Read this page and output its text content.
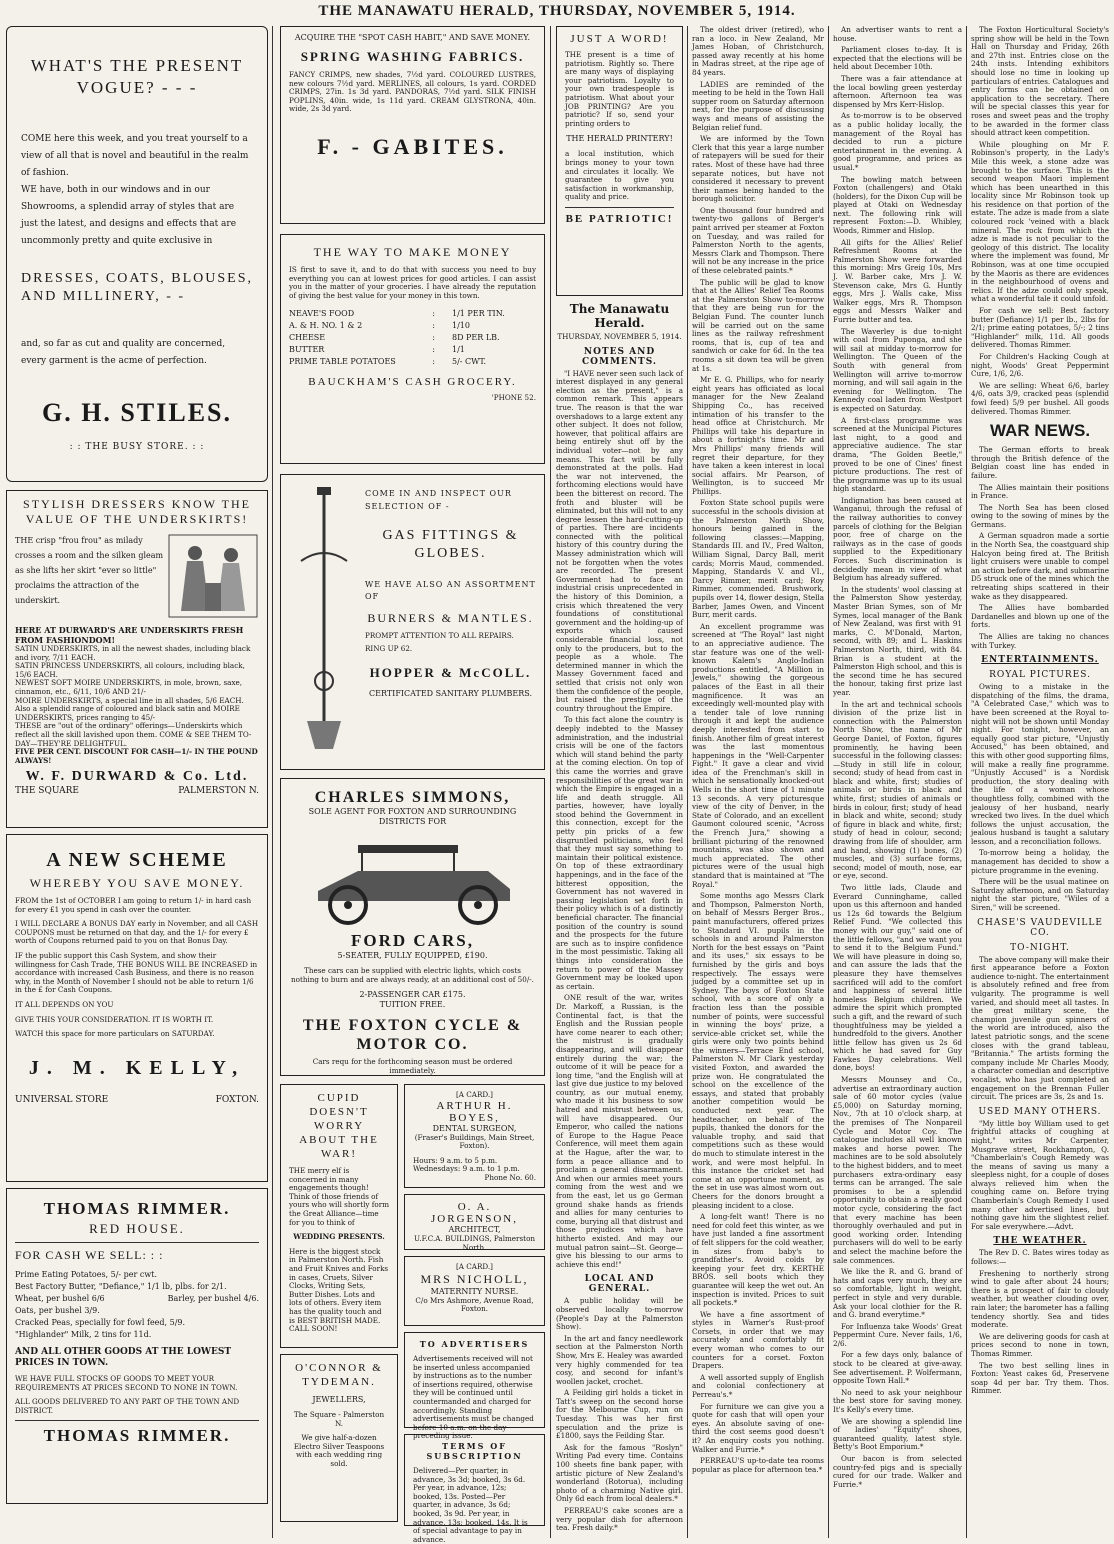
THE MANAWATU HERALD, THURSDAY, NOVEMBER 5, 1914.
WHAT'S THE PRESENT VOGUE? - - -
COME here this week, and you treat yourself to a view of all that is novel and beautiful in the realm of fashion.
WE have, both in our windows and in our Showrooms, a splendid array of styles that are just the latest, and designs and effects that are uncommonly pretty and quite exclusive in
DRESSES, COATS, BLOUSES, AND MILLINERY, - -
and, so far as cut and quality are concerned, every garment is the acme of perfection.
G. H. STILES.
: : THE BUSY STORE. : :
STYLISH DRESSERS KNOW THE VALUE OF THE UNDERSKIRTS!
THE crisp "frou frou" as milady crosses a room and the silken gleam as she lifts her skirt "ever so little" proclaims the attraction of the underskirt.
HERE AT DURWARD'S ARE UNDERSKIRTS FRESH FROM FASHIONDOM!
SATIN UNDERSKIRTS, in all the newest shades, including black and ivory, 7/11 EACH.
SATIN PRINCESS UNDERSKIRTS, all colours, including black, 15/6 EACH.
NEWEST SOFT MOIRE UNDERSKIRTS, in mole, brown, saxe, cinnamon, etc., 6/11, 10/6 AND 21/-
MOIRE UNDERSKIRTS, a special line in all shades, 5/6 EACH.
Also a splendid range of coloured and black satin and MOIRE UNDERSKIRTS, prices ranging to 45/-
THESE are "out of the ordinary" offerings—Underskirts which reflect all the skill lavished upon them. COME & SEE THEM TO-DAY—THEY'RE DELIGHTFUL.
FIVE PER CENT. DISCOUNT FOR CASH—1/- IN THE POUND ALWAYS!
W. F. DURWARD & Co. Ltd.
THE SQUARE	PALMERSTON N.
A NEW SCHEME
WHEREBY YOU SAVE MONEY.
FROM the 1st of OCTOBER I am going to return 1/- in hard cash for every £1 you spend in cash over the counter.
I WILL DECLARE A BONUS DAY early in November, and all CASH COUPONS must be returned on that day, and the 1/- for every £ worth of Coupons returned paid to you on that Bonus Day.
IF the public support this Cash System, and show their willingness for Cash Trade, THE BONUS WILL BE INCREASED in accordance with increased Cash Business, and there is no reason why, in the Month of November I should not be able to return 1/6 in the £ for Cash Coupons.
IT ALL DEPENDS ON YOU
GIVE THIS YOUR CONSIDERATION. IT IS WORTH IT.
WATCH this space for more particulars on SATURDAY.
J. M. KELLY,
UNIVERSAL STORE	FOXTON.
THOMAS RIMMER.
RED HOUSE.
FOR CASH WE SELL: : :
Prime Eating Potatoes, 5/- per cwt.
Best Factory Butter, "Defiance," 1/1 lb, plbs. for 2/1.
Wheat, per bushel 6/6	Barley, per bushel 4/6.
Oats, per bushel 3/9.
Cracked Peas, specially for fowl feed, 5/9.
"Highlander" Milk, 2 tins for 11d.
AND ALL OTHER GOODS AT THE LOWEST PRICES IN TOWN.
WE HAVE FULL STOCKS OF GOODS TO MEET YOUR REQUIREMENTS AT PRICES SECOND TO NONE IN TOWN.
ALL GOODS DELIVERED TO ANY PART OF THE TOWN AND DISTRICT.
THOMAS RIMMER.
ACQUIRE THE "SPOT CASH HABIT," AND SAVE MONEY.
SPRING WASHING FABRICS.
FANCY CRIMPS, new shades, 7½d yard. COLOURED LUSTRES, new colours 7½d yard. MERLINES, all colours, 1s yard. CORDED CRIMPS, 27in. 1s 3d yard. PANDORAS, 7½d yard. SILK FINISH POPLINS, 40in. wide, 1s 11d yard. CREAM GLYSTRONA, 40in. wide, 2s 3d yard.
F. - GABITES.
THE WAY TO MAKE MONEY
IS first to save it, and to do that with success you need to buy everything you can at lowest prices for good articles. I can assist you in the matter of your groceries. I have already the reputation of giving the best value for your money in this town.
NEAVE'S FOOD	:	1/1 PER TIN.
A. & H. NO. 1 & 2	:	1/10
CHEESE	:	8D PER LB.
BUTTER	:	1/1
PRIME TABLE POTATOES	:	5/- CWT.
BAUCKHAM'S CASH GROCERY.
'PHONE 52.
COME IN AND INSPECT OUR SELECTION OF -
GAS FITTINGS & GLOBES.
WE HAVE ALSO AN ASSORTMENT OF
BURNERS & MANTLES.
PROMPT ATTENTION TO ALL REPAIRS.
RING UP 62.
HOPPER & McCOLL.
CERTIFICATED SANITARY PLUMBERS.
CHARLES SIMMONS,
SOLE AGENT FOR FOXTON AND SURROUNDING DISTRICTS FOR
FORD CARS,
5-SEATER, FULLY EQUIPPED, £190.
These cars can be supplied with electric lights, which costs nothing to burn and are always ready, at an additional cost of 50/-.
2-PASSENGER CAR £175.
TUITION FREE.
THE FOXTON CYCLE & MOTOR CO.
Cars requ for the forthcoming season must be ordered immediately.
CUPID DOESN'T WORRY ABOUT THE WAR!
THE merry elf is concerned in many engagements though! Think of those friends of yours who will shortly form the Great Alliance—time for you to think of
WEDDING PRESENTS.
Here is the biggest stock in Palmerston North. Fish and Fruit Knives and Forks in cases, Cruets, Silver Clocks, Writing Sets, Butter Dishes. Lots and lots of others. Every item has the quality touch and is BEST BRITISH MADE. CALL SOON!
O'CONNOR & TYDEMAN.
JEWELLERS,
The Square - Palmerston N.
We give half-a-dozen Electro Silver Teaspoons with each wedding ring sold.
[A CARD.]
ARTHUR H. BOYES,
DENTAL SURGEON,
(Fraser's Buildings, Main Street, Foxton).
Hours: 9 a.m. to 5 p.m. Wednesdays: 9 a.m. to 1 p.m.
Phone No. 60.
O. A. JORGENSON,
ARCHITECT,
U.F.C.A. BUILDINGS, Palmerston North.
[A CARD.]
MRS NICHOLL,
MATERNITY NURSE.
C/o Mrs Ashmore, Avenue Road, Foxton.
TO ADVERTISERS
Advertisements received will not be inserted unless accompanied by instructions as to the number of insertions required, otherwise they will be continued until countermanded and charged for accordingly. Standing advertisements must be changed before 10 a.m. on the day preceding issue.
TERMS OF SUBSCRIPTION
Delivered—Per quarter, in advance, 3s 3d; booked, 3s 6d. Per year, in advance, 12s; booked, 13s. Posted—Per quarter, in advance, 3s 6d; booked, 3s 9d. Per year, in advance, 13s; booked, 14s. It is of special advantage to pay in advance.
JUST A WORD!
THE present is a time of patriotism. Rightly so. There are many ways of displaying your patriotism. Loyalty to your own tradespeople is patriotism. What about your JOB PRINTING? Are you patriotic? If so, send your printing orders to
THE HERALD PRINTERY!
a local institution, which brings money to your town and circulates it locally. We guarantee to give you satisfaction in workmanship, quality and price.
BE PATRIOTIC!
The Manawatu Herald.
THURSDAY, NOVEMBER 5, 1914.
NOTES AND COMMENTS.
"I HAVE never seen such lack of interest displayed in any general election as the present," is a common remark. This appears true. The reason is that the war overshadows to a large extent any other subject. It does not follow, however, that political affairs are being entirely shut off by the individual voter—not by any means. This fact will be fully demonstrated at the polls. Had the war not intervened, the forthcoming elections would have been the bitterest on record. The froth and bluster will be eliminated, but this will not to any degree lessen the hard-cutting-up of parties. There are incidents connected with the political history of this country during the Massey administration which will not be forgotten when the votes are recorded. The present Government had to face an industrial crisis unprecedented in the history of this Dominion, a crisis which threatened the very foundations of constitutional government and the holding-up of exports which caused considerable financial loss, not only to the producers, but to the people as a whole. The determined manner in which the Massey Government faced and settled that crisis not only won them the confidence of the people, but raised the prestige of the country throughout the Empire.
To this fact alone the country is deeply indebted to the Massey administration, and the industrial crisis will be one of the factors which will stand behind the party at the coming election. On top of this came the worries and grave responsibilities of the great war in which the Empire is engaged in a life and death struggle. All parties, however, have loyally stood behind the Government in this connection, except for the petty pin pricks of a few disgruntled politicians, who feel that they must say something to maintain their political existence. On top of these extraordinary happenings, and in the face of the bitterest opposition, the Government has not wavered in passing legislation set forth in their policy which is of a distinctly beneficial character. The financial position of the country is sound and the prospects for the future are such as to inspire confidence in the most pessimistic. Taking all things into consideration the return to power of the Massey Government may be looked upon as certain.
ONE result of the war, writes Dr. Markoff, a Russian, is the Continental fact, is that the English and the Russian people have come nearer to each other; the mistrust is gradually disappearing, and will disappear entirely during the war; the outcome of it will be peace for a long time, "and the English will at last give due justice to my beloved country, as our mutual enemy, who made it his business to sow hatred and mistrust between us, will have disappeared. Our Emperor, who called the nations of Europe to the Hague Peace Conference, will meet them again at the Hague, after the war, to form a peace alliance and to proclaim a general disarmament. And when our armies meet yours coming from the west and we from the east, let us go German ground shake hands as friends and allies for many centuries to come, burying all that distrust and those prejudices which have hitherto existed. And may our mutual patron saint—St. George—give his blessing to our arms to achieve this end!"
LOCAL AND GENERAL.
A public holiday will be observed locally to-morrow (People's Day at the Palmerston Show).
In the art and fancy needlework section at the Palmerston North Show, Mrs E. Healey was awarded very highly commended for tea cosy, and second for infant's woollen jacket, crochet.
A Feilding girl holds a ticket in Tatt's sweep on the second horse for the Melbourne Cup, run on Tuesday. This was her first speculation and the prize is £1800, says the Feilding Star.
Ask for the famous "Roslyn" Writing Pad every time. Contains 100 sheets fine bank paper, with artistic picture of New Zealand's wonderland (Rotorua), including photo of a charming Native girl. Only 6d each from local dealers.*
PERREAU'S cake scones are a very popular dish for afternoon tea. Fresh daily.*
The oldest driver (retired), who ran a loco. in New Zealand, Mr James Hoban, of Christchurch, passed away recently at his home in Madras street, at the ripe age of 84 years.
LADIES are reminded of the meeting to be held in the Town Hall supper room on Saturday afternoon next, for the purpose of discussing ways and means of assisting the Belgian relief fund.
We are informed by the Town Clerk that this year a large number of ratepayers will be sued for their rates. Most of these have had three separate notices, but have not considered it necessary to prevent their names being handed to the borough solicitor.
One thousand four hundred and twenty-two gallons of Berger's paint arrived per steamer at Foxton on Tuesday, and was railed for Palmerston North to the agents, Messrs Clark and Thompson. There will not be any increase in the price of these celebrated paints.*
The public will be glad to know that at the Allies' Relief Tea Rooms at the Palmerston Show to-morrow that they are being run for the Belgian Fund. The counter lunch will be carried out on the same lines as the railway refreshment rooms, that is, cup of tea and sandwich or cake for 6d. In the tea rooms a sit down tea will be given at 1s.
Mr E. G. Phillips, who for nearly eight years has officiated as local manager for the New Zealand Shipping Co., has received intimation of his transfer to the head office at Christchurch. Mr Phillips will take his departure in about a fortnight's time. Mr and Mrs Phillips' many friends will regret their departure, for they have taken a keen interest in local social affairs. Mr Pearson, of Wellington, is to succeed Mr Phillips.
Foxton State school pupils were successful in the schools division at the Palmerston North Show, honours being gained in the following classes:—Mapping, Standards III. and IV., Fred Walton, William Signal, Darcy Ball, merit cards; Morris Maud, commended. Mapping, Standards V. and VI., Darcy Rimmer, merit card; Roy Rimmer, commended. Brushwork, pupils over 14, flower design, Stella Barber, James Owen, and Vincent Burr, merit cards.
An excellent programme was screened at "The Royal" last night to an appreciative audience. The star feature was one of the well-known Kalem's Anglo-Indian productions entitled, "A Million in Jewels," showing the gorgeous palaces of the East in all their magnificence. It was an exceedingly well-mounted play with a tender tale of love running through it and kept the audience deeply interested from start to finish. Another film of great interest was the last momentous happenings in the "Well-Carpenter Fight." It gave a clear and vivid idea of the Frenchman's skill in which he sensationally knocked-out Wells in the short time of 1 minute 13 seconds. A very picturesque view of the city of Denver, in the State of Colorado, and an excellent Gaumont coloured scenic, "Across the French Jura," showing a brilliant picturing of the renowned mountains, was also shown and much appreciated. The other pictures were of the usual high standard that is maintained at "The Royal."
Some months ago Messrs Clark and Thompson, Palmerston North, on behalf of Messrs Berger Bros., paint manufacturers, offered prizes to Standard VI. pupils in the schools in and around Palmerston North for the best essays on "Paint and its uses," six essays to be furnished by the girls and boys respectively. The essays were judged by a committee set up in Sydney. The boys of Foxton State school, with a score of only a fraction less than the possible number of points, were successful in winning the boys' prize, a service-able cricket set, while the girls were only two points behind the winners—Terrace End school, Palmerston N. Mr Clark yesterday visited Foxton, and awarded the prize won. He congratulated the school on the excellence of the essays, and stated that probably another competition would be conducted next year. The headteacher, on behalf of the pupils, thanked the donors for the valuable trophy, and said that competitions such as these would do much to stimulate interest in the work, and were most helpful. In this instance the cricket set had come at an opportune moment, as the set in use was almost worn out. Cheers for the donors brought a pleasing incident to a close.
A long-felt want! There is no need for cold feet this winter, as we have just landed a fine assortment of felt slippers for the cold weather, in sizes from baby's to grandfather's. Avoid colds by keeping your feet dry. KERTHE BROS. sell boots which they guarantee will keep the wet out. An inspection is invited. Prices to suit all pockets.*
We have a fine assortment of styles in Warner's Rust-proof Corsets, in order that we may accurately and comfortably fit every woman who comes to our counters for a corset. Foxton Drapers.
A well assorted supply of English and colonial confectionery at Perreau's.*
For furniture we can give you a quote for cash that will open your eyes. An absolute saving of one-third the cost seems good doesn't it? An enquiry costs you nothing. Walker and Furrie.*
PERREAU'S up-to-date tea rooms popular as place for afternoon tea.*
An advertiser wants to rent a house.
Parliament closes to-day. It is expected that the elections will be held about December 10th.
There was a fair attendance at the local bowling green yesterday afternoon. Afternoon tea was dispensed by Mrs Kerr-Hislop.
As to-morrow is to be observed as a public holiday locally, the management of the Royal has decided to run a picture entertainment in the evening. A good programme, and prices as usual.*
The bowling match between Foxton (challengers) and Otaki (holders), for the Dixon Cup will be played at Otaki on Wednesday next. The following rink will represent Foxton:—D. Whibley, Woods, Rimmer and Hislop.
All gifts for the Allies' Relief Refreshment Rooms at the Palmerston Show were forwarded this morning: Mrs Greig 10s, Mrs J. W. Barber cake, Mrs J. W. Stevenson cake, Mrs G. Huntly eggs, Mrs J. Walls cake, Miss Walker eggs, Mrs R. Thompson eggs and Messrs Walker and Furrie butter and tea.
The Waverley is due to-night with coal from Puponga, and she will sail at midday to-morrow for Wellington. The Queen of the South with general from Wellington will arrive to-morrow morning, and will sail again in the evening for Wellington. The Kennedy coal laden from Westport is expected on Saturday.
A first-class programme was screened at the Municipal Pictures last night, to a good and appreciative audience. The star drama, "The Golden Beetle," proved to be one of Cines' finest picture productions. The rest of the programme was up to its usual high standard.
Indignation has been caused at Wanganui, through the refusal of the railway authorities to convey parcels of clothing for the Belgian poor, free of charge on the railways as in the case of goods supplied to the Expeditionary Forces. Such discrimination is decidedly mean in view of what Belgium has already suffered.
In the students' wool classing at the Palmerston Show yesterday, Master Brian Symes, son of Mr Symes, local manager of the Bank of New Zealand, was first with 91 marks, C. M'Donald, Marton, second, with 89; and L. Haskins Palmerston North, third, with 84. Brian is a student at the Palmerston High school, and this is the second time he has secured the honour, taking first prize last year.
In the art and technical schools division of the prize list in connection with the Palmerston North Show, the name of Mr George Daniel, of Foxton, figures prominently, he having been successful in the following classes:—Study in still life in colour, second; study of head from cast in black and white, first; studies of animals or birds in black and white, first; studies of animals or birds in colour, first; study of head in black and white, second; study of figure in black and white, first; study of head in colour, second; drawing from life of shoulder, arm and hand, showing (1) bones, (2) muscles, and (3) surface forms, second; model of mouth, nose, ear or eye, second.
Two little lads, Claude and Everard Cunninghame, called upon us this afternoon and handed us 12s 6d towards the Belgium Relief Fund. "We collected this money with our guy," said one of the little fellows, "and we want you to send it to the Belgium Fund." We will have pleasure in doing so, and can assure the lads that the pleasure they have themselves sacrificed will add to the comfort and happiness of several little homeless Belgium children. We admire the spirit which prompted such a gift, and the reward of such thoughtfulness may be yielded a hundredfold to the givers. Another little fellow has given us 2s 6d which he had saved for Guy Fawkes Day celebrations. Well done, boys!
Messrs Mounsey and Co., advertise an extraordinary auction sale of 60 motor cycles (value £5,000) on Saturday morning, Nov., 7th at 10 o'clock sharp, at the premises of The Nonpareil Cycle and Motor Coy. The catalogue includes all well known makes and horse power. The machines are to be sold absolutely to the highest bidders, and to meet purchasers extra-ordinary easy terms can be arranged. The sale promises to be a splendid opportunity to obtain a really good motor cycle, considering the fact that every machine has been thoroughly overhauled and put in good working order. Intending purchasers will do well to be early and select the machine before the sale commences.
We like the R. and G. brand of hats and caps very much, they are so comfortable, light in weight, perfect in style and very durable. Ask your local clothier for the R. and G. brand everytime.*
For Influenza take Woods' Great Peppermint Cure. Never fails, 1/6, 2/6.
For a few days only, balance of stock to be cleared at give-away. See advertisement. P. Wolfermann, opposite Town Hall.*
No need to ask your neighbour the best store for saving money. It's Kelly's every time.
We are showing a splendid line of ladies' "Equity" shoes, guaranteed quality, latest style. Betty's Boot Emporium.*
Our bacon is from selected country-fed pigs and is specially cured for our trade. Walker and Furrie.*
The Foxton Horticultural Society's spring show will be held in the Town Hall on Thursday and Friday, 26th and 27th inst. Entries close on the 24th insts. Intending exhibitors should lose no time in looking up particulars of entries. Catalogues and entry forms can be obtained on application to the secretary. There will be special classes this year for roses and sweet peas and the trophy to be awarded in the former class should attract keen competition.
While ploughing on Mr F. Robinson's property, in the Lady's Mile this week, a stone adze was brought to the surface. This is the second weapon Maori implement which has been unearthed in this locality since Mr Robinson took up his residence on that portion of the estate. The adze is made from a slate coloured rock 'veined with a black mineral. The rock from which the adze is made is not peculiar to the geology of this district. The locality where the implement was found, Mr Robinson, was at one time occupied by the Maoris as there are evidences in the neighbourhood of ovens and relics. If the adze could only speak, what a wonderful tale it could unfold.
For cash we sell: Best factory butter (Defiance) 1/1 per lb., 2lbs for 2/1; prime eating potatoes, 5/-; 2 tins "Highlander" milk, 11d. All goods delivered. Thomas Rimmer.
For Children's Hacking Cough at night, Woods' Great Peppermint Cure, 1/6, 2/6.
We are selling: Wheat 6/6, barley 4/6, oats 3/9, cracked peas (splendid fowl feed) 5/9 per bushel. All goods delivered. Thomas Rimmer.
WAR NEWS.
The German efforts to break through the British defence of the Belgian coast line has ended in failure.
The Allies maintain their positions in France.
The North Sea has been closed owing to the sowing of mines by the Germans.
A German squadron made a sortie in the North Sea, the coastguard ship Halcyon being fired at. The British light cruisers were unable to compel an action before dark, and submarine D5 struck one of the mines which the retreating ships scattered in their wake as they disappeared.
The Allies have bombarded Dardanelles and blown up one of the forts.
The Allies are taking no chances with Turkey.
ENTERTAINMENTS.
ROYAL PICTURES.
Owing to a mistake in the dispatching of the films, the drama, "A Celebrated Case," which was to have been screened at the Royal to-night will not be shown until Monday night. For tonight, however, an equally good star picture, "Unjustly Accused," has been obtained, and this with other good supporting films, will make a really fine programme. "Unjustly Accused" is a Nordisk production, the story dealing with the life of a woman whose thoughtless folly, combined with the jealousy of her husband, nearly wrecked two lives. In the duel which follows the unjust accusation, the jealous husband is taught a salutary lesson, and a reconciliation follows.
To-morrow being a holiday, the management has decided to show a picture programme in the evening.
There will be the usual matinee on Saturday afternoon, and on Saturday night the star picture, "Wiles of a Siren," will be screened.
CHASE'S VAUDEVILLE CO.
TO-NIGHT.
The above company will make their first appearance before a Foxton audience to-night. The entertainment is absolutely refined and free from vulgarity. The programme is well varied, and should meet all tastes. In the great military scene, the champion juvenile gun spinners of the world are introduced, also the latest patriotic songs, and the scene closes with the grand tableau, "Britannia." The artists forming the company include Mr Charles Moody, a character comedian and descriptive vocalist, who has just completed an engagement on the Brennan Fuller circuit. The prices are 3s, 2s and 1s.
USED MANY OTHERS.
"My little boy William used to get frightful attacks of coughing at night," writes Mr Carpenter, Musgrave street, Rockhampton, Q. "Chamberlain's Cough Remedy was the means of saving us many a sleepless night, for a couple of doses always relieved him when the coughing came on. Before trying Chamberlain's Cough Remedy I used many other advertised lines, but nothing gave him the slightest relief. For sale everywhere.—Advt.
THE WEATHER.
The Rev D. C. Bates wires today as follows:—
Freshening to northerly strong wind to gale after about 24 hours; there is a prospect of fair to cloudy weather, but weather clouding over, rain later; the barometer has a falling tendency shortly. Sea and tides moderate.
We are delivering goods for cash at prices second to none in town, Thomas Rimmer.
The two best selling lines in Foxton: Yeast cakes 6d, Preservene soap 4d per bar. Try them. Thos. Rimmer.
